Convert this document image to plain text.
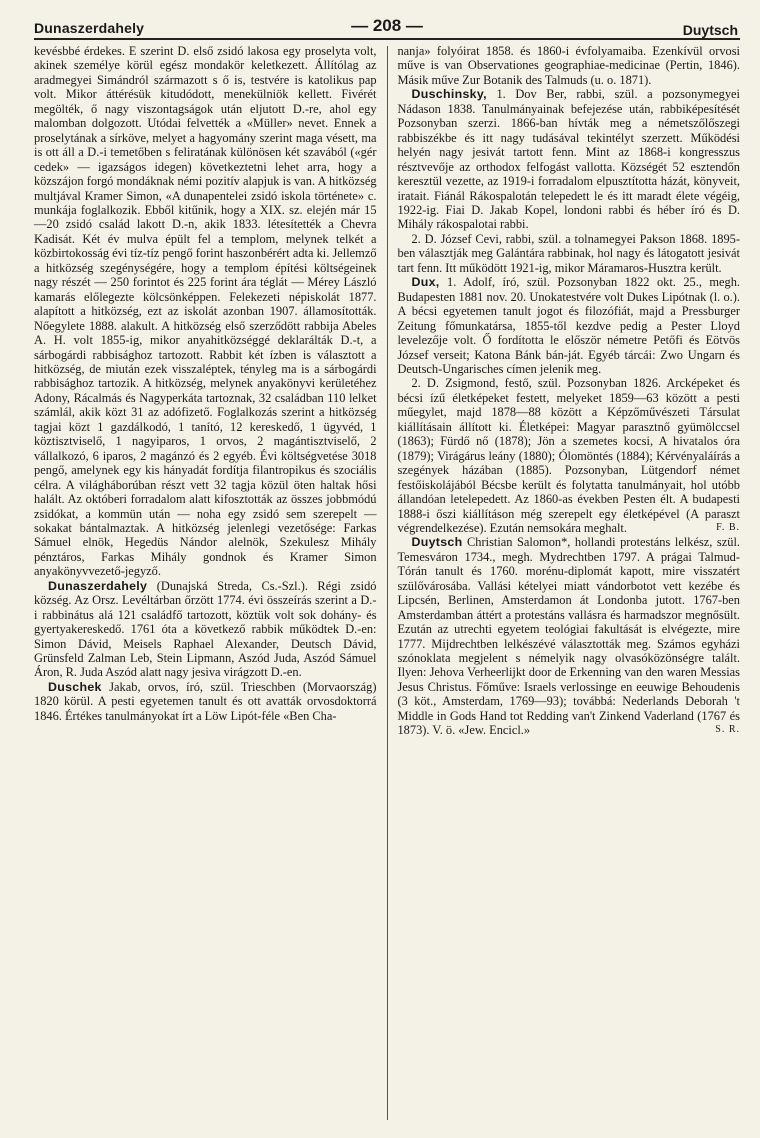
Dunaszerdahely	— 208 —	Duytsch

kevésbbé érdekes. E szerint D. első zsidó lakosa egy proselyta volt, akinek személye körül egész mondakör keletkezett. Állítólag az aradmegyei Simándról származott s ő is, testvére is katolikus pap volt. Mikor áttérésük kitudódott, menekülniök kellett. Fivérét megölték, ő nagy viszontagságok után eljutott D.-re, ahol egy malomban dolgozott. Utódai felvették a «Müller» nevet. Ennek a proselytának a sírköve, melyet a hagyomány szerint maga vésett, ma is ott áll a D.-i temetőben s feliratának különösen két szavából («gér cedek» — igazságos idegen) következtetni lehet arra, hogy a közszájon forgó mondáknak némi pozitív alapjuk is van. A hitközség multjával Kramer Simon, «A dunapentelei zsidó iskola története» c. munkája foglalkozik. Ebből kitűnik, hogy a XIX. sz. elején már 15—20 zsidó család lakott D.-n, akik 1833. létesítették a Chevra Kadisát. Két év mulva épült fel a templom, melynek telkét a közbirtokosság évi tíz-tíz pengő forint haszonbérért adta ki. Jellemző a hitközség szegénységére, hogy a templom építési költségeinek nagy részét — 250 forintot és 225 forint ára téglát — Mérey László kamarás előlegezte kölcsönképpen. Felekezeti népiskolát 1877. alapított a hitközség, ezt az iskolát azonban 1907. államosították. Nőegylete 1888. alakult. A hitközség első szerződött rabbija Abeles A. H. volt 1855-ig, mikor anyahitközséggé deklarálták D.-t, a sárbogárdi rabbisághoz tartozott. Rabbit két ízben is választott a hitközség, de miután ezek visszaléptek, tényleg ma is a sárbogárdi rabbisághoz tartozik. A hitközség, melynek anyakönyvi kerületéhez Adony, Rácalmás és Nagyperkáta tartoznak, 32 családban 110 lelket számlál, akik közt 31 az adófizető. Foglalkozás szerint a hitközség tagjai közt 1 gazdálkodó, 1 tanító, 12 kereskedő, 1 ügyvéd, 1 köztisztviselő, 1 nagyiparos, 1 orvos, 2 magántisztviselő, 2 vállalkozó, 6 iparos, 2 magánzó és 2 egyéb. Évi költségvetése 3018 pengő, amelynek egy kis hányadát fordítja filantropikus és szociális célra. A világháborúban részt vett 32 tagja közül öten haltak hősi halált. Az októberi forradalom alatt kifosztották az összes jobbmódú zsidókat, a kommün után — noha egy zsidó sem szerepelt — sokakat bántalmaztak. A hitközség jelenlegi vezetősége: Farkas Sámuel elnök, Hegedüs Nándor alelnök, Szekulesz Mihály pénztáros, Farkas Mihály gondnok és Kramer Simon anyakönyvvezető-jegyző.

Dunaszerdahely (Dunajská Streda, Cs.-Szl.). Régi zsidó község. Az Orsz. Levéltárban őrzött 1774. évi összeírás szerint a D.-i rabbinátus alá 121 családfő tartozott, köztük volt sok dohány- és gyertyakereskedő. 1761 óta a következő rabbik működtek D.-en: Simon Dávid, Meisels Raphael Alexander, Deutsch Dávid, Grünsfeld Zalman Leb, Stein Lipmann, Aszód Juda, Aszód Sámuel Áron, R. Juda Aszód alatt nagy jesiva virágzott D.-en.

Duschek Jakab, orvos, író, szül. Trieschben (Morvaország) 1820 körül. A pesti egyetemen tanult és ott avatták orvosdoktorrá 1846. Értékes tanulmányokat írt a Löw Lipót-féle «Ben Cha-

nanja» folyóirat 1858. és 1860-i évfolyamaiba. Ezenkívül orvosi műve is van Observationes geographiae-medicinae (Pertin, 1846). Másik műve Zur Botanik des Talmuds (u. o. 1871).

Duschinsky, 1. Dov Ber, rabbi, szül. a pozsonymegyei Nádason 1838. Tanulmányainak befejezése után, rabbiképesítését Pozsonyban szerzi. 1866-ban hívták meg a németszőlőszegi rabbiszékbe és itt nagy tudásával tekintélyt szerzett. Működési helyén nagy jesivát tartott fenn. Mint az 1868-i kongresszus résztvevője az orthodox felfogást vallotta. Községét 52 esztendőn keresztül vezette, az 1919-i forradalom elpusztította házát, könyveit, iratait. Fiánál Rákospalotán telepedett le és itt maradt élete végéig, 1922-ig. Fiai D. Jakab Kopel, londoni rabbi és héber író és D. Mihály rákospalotai rabbi.

2. D. József Cevi, rabbi, szül. a tolnamegyei Pakson 1868. 1895-ben választják meg Galántára rabbinak, hol nagy és látogatott jesivát tart fenn. Itt működött 1921-ig, mikor Máramaros-Husztra került.

Dux, 1. Adolf, író, szül. Pozsonyban 1822 okt. 25., megh. Budapesten 1881 nov. 20. Unokatestvére volt Dukes Lipótnak (l. o.). A bécsi egyetemen tanult jogot és filozófiát, majd a Pressburger Zeitung főmunkatársa, 1855-től kezdve pedig a Pester Lloyd levelezője volt. Ő fordította le először németre Petőfi és Eötvös József verseit; Katona Bánk bán-ját. Egyéb tárcái: Zwo Ungarn és Deutsch-Ungarisches címen jelenik meg.

2. D. Zsigmond, festő, szül. Pozsonyban 1826. Arcképeket és bécsi ízű életképeket festett, melyeket 1859—63 között a pesti műegylet, majd 1878—88 között a Képzőművészeti Társulat kiállításain állított ki. Életképei: Magyar parasztnő gyümölccsel (1863); Fürdő nő (1878); Jön a szemetes kocsi, A hivatalos óra (1879); Virágárus leány (1880); Ólomöntés (1884); Kérvényaláírás a szegények házában (1885). Pozsonyban, Lütgendorf német festőiskolájából Bécsbe került és folytatta tanulmányait, hol utóbb állandóan letelepedett. Az 1860-as években Pesten élt. A budapesti 1888-i őszi kiállításon még szerepelt egy életképével (A paraszt végrendelkezése). Ezután nemsokára meghalt.	F. B.

Duytsch Christian Salomon*, hollandi protestáns lelkész, szül. Temesváron 1734., megh. Mydrechtben 1797. A prágai Talmud-Tórán tanult és 1760. morénu-diplomát kapott, mire visszatért szülővárosába. Vallási kételyei miatt vándorbotot vett kezébe és Lipcsén, Berlinen, Amsterdamon át Londonba jutott. 1767-ben Amsterdamban áttért a protestáns vallásra és harmadszor megnősült. Ezután az utrechti egyetem teológiai fakultását is elvégezte, mire 1777. Mijdrechtben lelkészévé választották meg. Számos egyházi szónoklata megjelent s némelyik nagy olvasóközönségre talált. Ilyen: Jehova Verheerlijkt door de Erkenning van den waren Messias Jesus Christus. Főműve: Israels verlossinge en eeuwige Behoudenis (3 köt., Amsterdam, 1769—93); továbbá: Nederlands Deborah 't Middle in Gods Hand tot Redding van't Zinkend Vaderland (1767 és 1873). V. ö. «Jew. Encicl.»	S. R.
